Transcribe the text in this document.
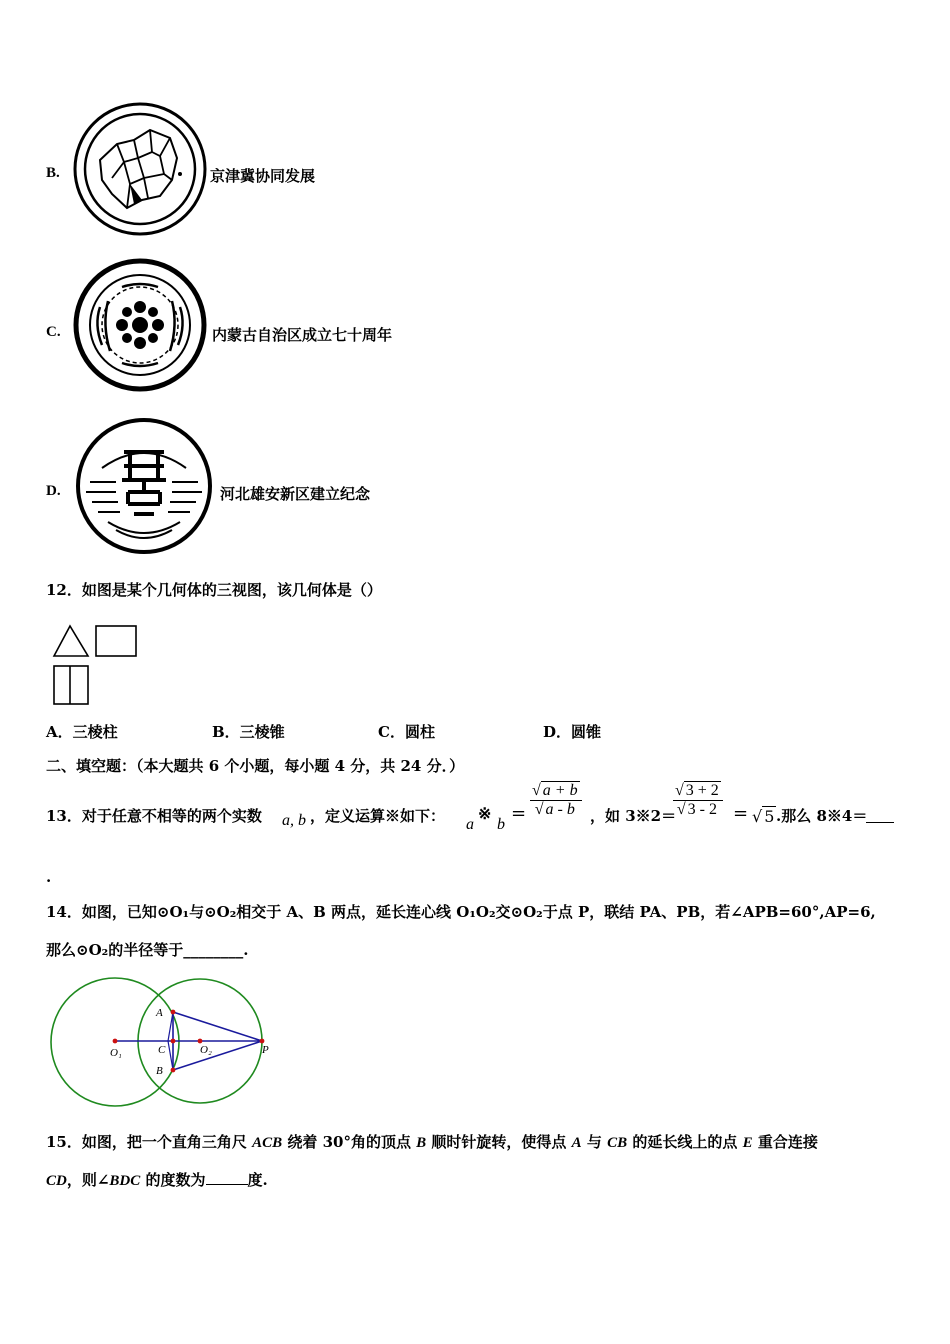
B.	京津冀协同发展
C.	内蒙古自治区成立七十周年
D.	河北雄安新区建立纪念
12．如图是某个几何体的三视图，该几何体是（）
A．三棱柱	B．三棱锥	C．圆柱	D．圆锥
二、填空题：（本大题共 6 个小题，每小题 4 分，共 24 分．）
13．对于任意不相等的两个实数 a, b ，定义运算※如下： a
※
b
= $\frac{√ a + b}{√ a - b}$ ，如 3※2＝
$\frac{√ 3 + 2}{√ 3 - 2}$ = √ 5 .那么 8※4＝
.
14．如图，已知⊙O₁与⊙O₂相交于 A、B 两点，延长连心线 O₁O₂交⊙O₂于点 P，联结 PA、PB，若∠APB=60°,AP=6,
那么⊙O₂的半径等于________.
A
B
C
O₁	O₂	P
15．如图，把一个直角三角尺 ACB 绕着 30°角的顶点 B 顺时针旋转，使得点 A 与 CB 的延长线上的点 E 重合连接
CD，则∠BDC 的度数为	度.
